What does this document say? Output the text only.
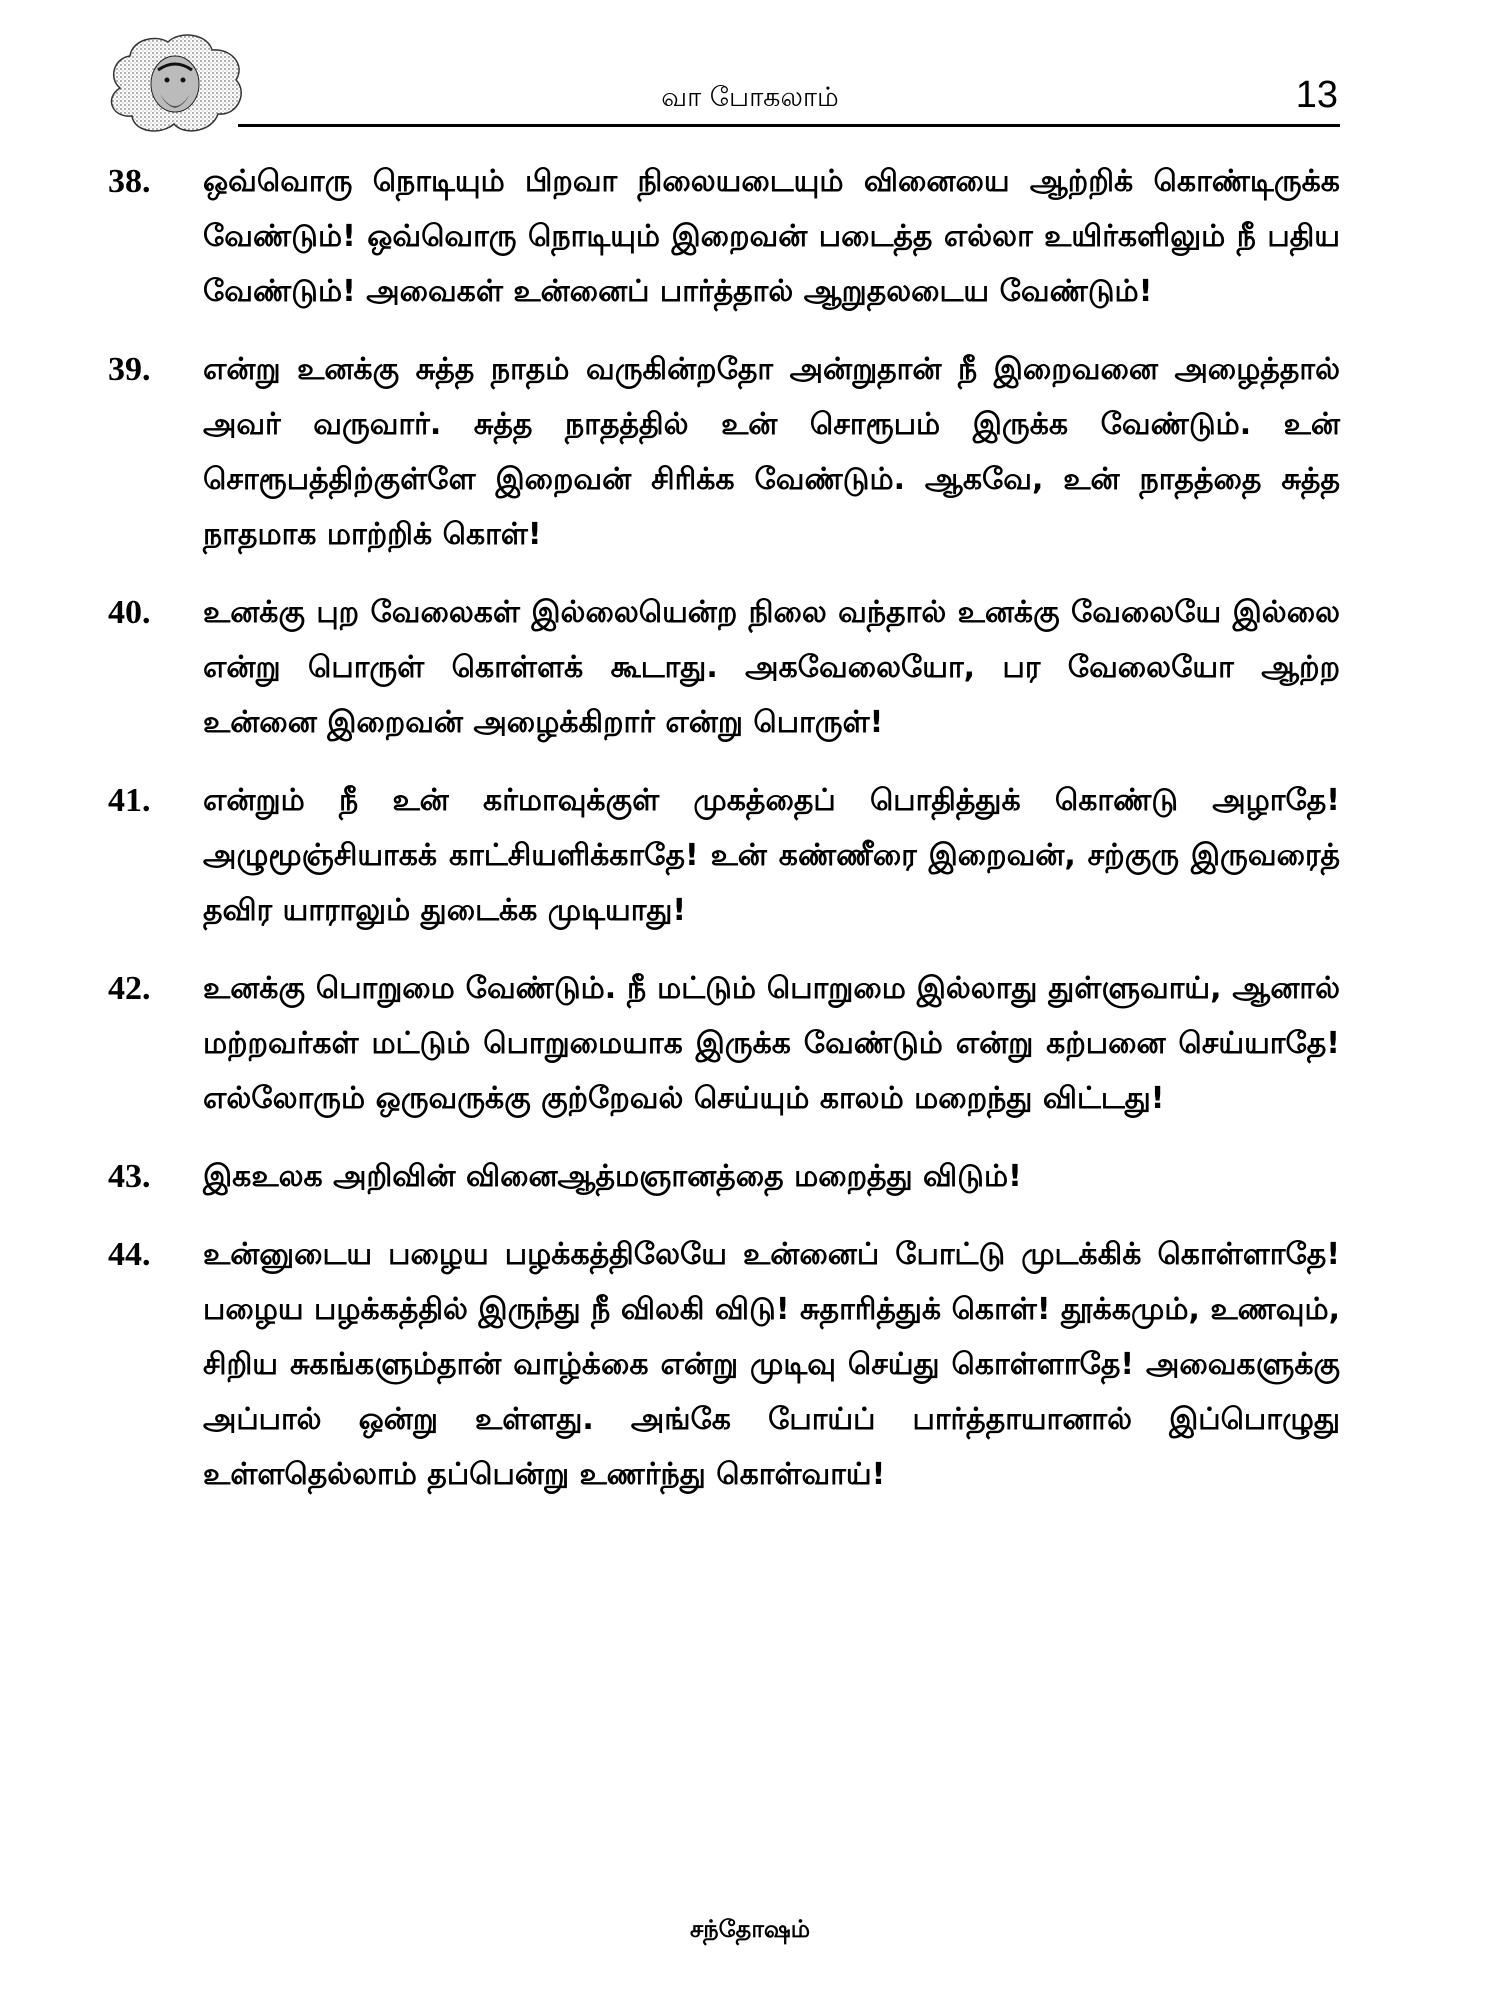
வா போகலாம்	13
38.	ஒவ்வொரு நொடியும் பிறவா நிலையடையும் வினையை ஆற்றிக் கொண்டிருக்க வேண்டும்! ஒவ்வொரு நொடியும் இறைவன் படைத்த எல்லா உயிர்களிலும் நீ பதிய வேண்டும்! அவைகள் உன்னைப் பார்த்தால் ஆறுதலடைய வேண்டும்!
39.	என்று உனக்கு சுத்த நாதம் வருகின்றதோ அன்றுதான் நீ இறைவனை அழைத்தால் அவர் வருவார். சுத்த நாதத்தில் உன் சொரூபம் இருக்க வேண்டும். உன் சொரூபத்திற்குள்ளே இறைவன் சிரிக்க வேண்டும். ஆகவே, உன் நாதத்தை சுத்த நாதமாக மாற்றிக் கொள்!
40.	உனக்கு புற வேலைகள் இல்லையென்ற நிலை வந்தால் உனக்கு வேலையே இல்லை என்று பொருள் கொள்ளக் கூடாது. அகவேலையோ, பர வேலையோ ஆற்ற உன்னை இறைவன் அழைக்கிறார் என்று பொருள்!
41.	என்றும் நீ உன் கர்மாவுக்குள் முகத்தைப் பொதித்துக் கொண்டு அழாதே! அழுமூஞ்சியாகக் காட்சியளிக்காதே! உன் கண்ணீரை இறைவன், சற்குரு இருவரைத் தவிர யாராலும் துடைக்க முடியாது!
42.	உனக்கு பொறுமை வேண்டும். நீ மட்டும் பொறுமை இல்லாது துள்ளுவாய், ஆனால் மற்றவர்கள் மட்டும் பொறுமையாக இருக்க வேண்டும் என்று கற்பனை செய்யாதே! எல்லோரும் ஒருவருக்கு குற்றேவல் செய்யும் காலம் மறைந்து விட்டது!
43.	இகஉலக அறிவின் வினைஆத்மஞானத்தை மறைத்து விடும்!
44.	உன்னுடைய பழைய பழக்கத்திலேயே உன்னைப் போட்டு முடக்கிக் கொள்ளாதே! பழைய பழக்கத்தில் இருந்து நீ விலகி விடு! சுதாரித்துக் கொள்! தூக்கமும், உணவும், சிறிய சுகங்களும்தான் வாழ்க்கை என்று முடிவு செய்து கொள்ளாதே! அவைகளுக்கு அப்பால் ஒன்று உள்ளது. அங்கே போய்ப் பார்த்தாயானால் இப்பொழுது உள்ளதெல்லாம் தப்பென்று உணர்ந்து கொள்வாய்!
சந்தோஷம்
